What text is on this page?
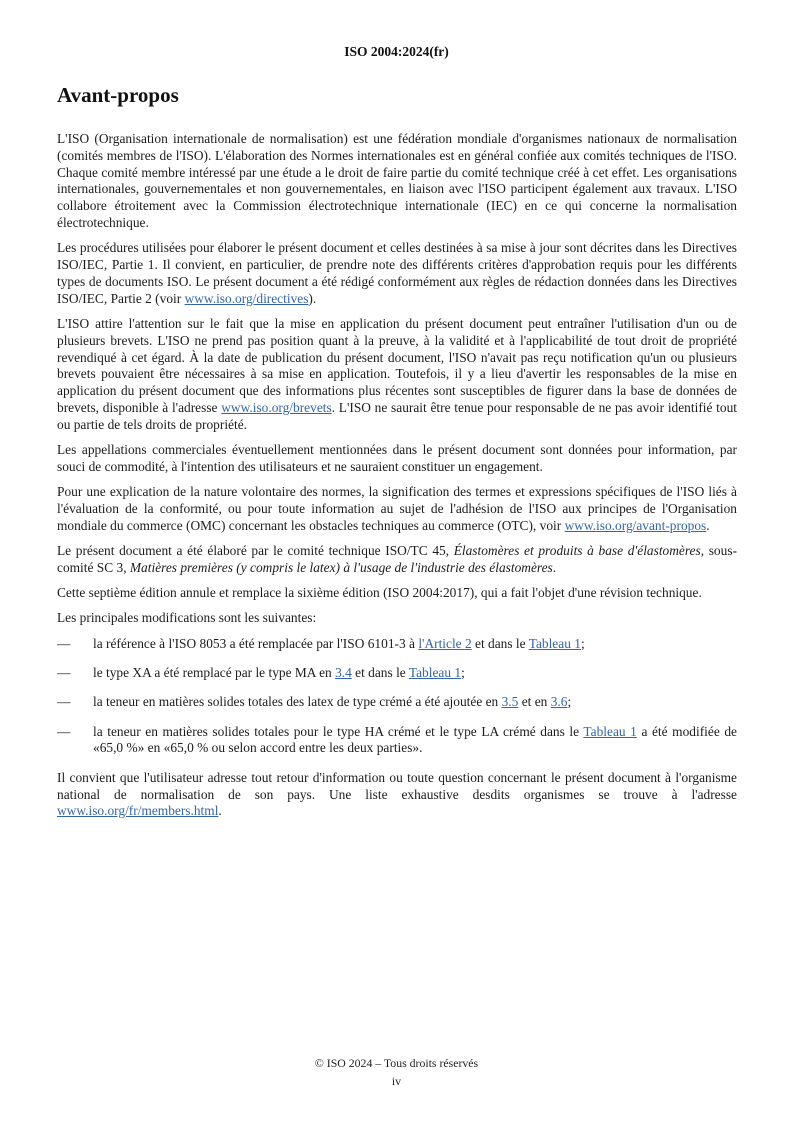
ISO 2004:2024(fr)
Avant-propos
L'ISO (Organisation internationale de normalisation) est une fédération mondiale d'organismes nationaux de normalisation (comités membres de l'ISO). L'élaboration des Normes internationales est en général confiée aux comités techniques de l'ISO. Chaque comité membre intéressé par une étude a le droit de faire partie du comité technique créé à cet effet. Les organisations internationales, gouvernementales et non gouvernementales, en liaison avec l'ISO participent également aux travaux. L'ISO collabore étroitement avec la Commission électrotechnique internationale (IEC) en ce qui concerne la normalisation électrotechnique.
Les procédures utilisées pour élaborer le présent document et celles destinées à sa mise à jour sont décrites dans les Directives ISO/IEC, Partie 1. Il convient, en particulier, de prendre note des différents critères d'approbation requis pour les différents types de documents ISO. Le présent document a été rédigé conformément aux règles de rédaction données dans les Directives ISO/IEC, Partie 2 (voir www.iso.org/directives).
L'ISO attire l'attention sur le fait que la mise en application du présent document peut entraîner l'utilisation d'un ou de plusieurs brevets. L'ISO ne prend pas position quant à la preuve, à la validité et à l'applicabilité de tout droit de propriété revendiqué à cet égard. À la date de publication du présent document, l'ISO n'avait pas reçu notification qu'un ou plusieurs brevets pouvaient être nécessaires à sa mise en application. Toutefois, il y a lieu d'avertir les responsables de la mise en application du présent document que des informations plus récentes sont susceptibles de figurer dans la base de données de brevets, disponible à l'adresse www.iso.org/brevets. L'ISO ne saurait être tenue pour responsable de ne pas avoir identifié tout ou partie de tels droits de propriété.
Les appellations commerciales éventuellement mentionnées dans le présent document sont données pour information, par souci de commodité, à l'intention des utilisateurs et ne sauraient constituer un engagement.
Pour une explication de la nature volontaire des normes, la signification des termes et expressions spécifiques de l'ISO liés à l'évaluation de la conformité, ou pour toute information au sujet de l'adhésion de l'ISO aux principes de l'Organisation mondiale du commerce (OMC) concernant les obstacles techniques au commerce (OTC), voir www.iso.org/avant-propos.
Le présent document a été élaboré par le comité technique ISO/TC 45, Élastomères et produits à base d'élastomères, sous-comité SC 3, Matières premières (y compris le latex) à l'usage de l'industrie des élastomères.
Cette septième édition annule et remplace la sixième édition (ISO 2004:2017), qui a fait l'objet d'une révision technique.
Les principales modifications sont les suivantes:
— la référence à l'ISO 8053 a été remplacée par l'ISO 6101-3 à l'Article 2 et dans le Tableau 1;
— le type XA a été remplacé par le type MA en 3.4 et dans le Tableau 1;
— la teneur en matières solides totales des latex de type crémé a été ajoutée en 3.5 et en 3.6;
— la teneur en matières solides totales pour le type HA crémé et le type LA crémé dans le Tableau 1 a été modifiée de «65,0 %» en «65,0 % ou selon accord entre les deux parties».
Il convient que l'utilisateur adresse tout retour d'information ou toute question concernant le présent document à l'organisme national de normalisation de son pays. Une liste exhaustive desdits organismes se trouve à l'adresse www.iso.org/fr/members.html.
© ISO 2024 – Tous droits réservés
iv
